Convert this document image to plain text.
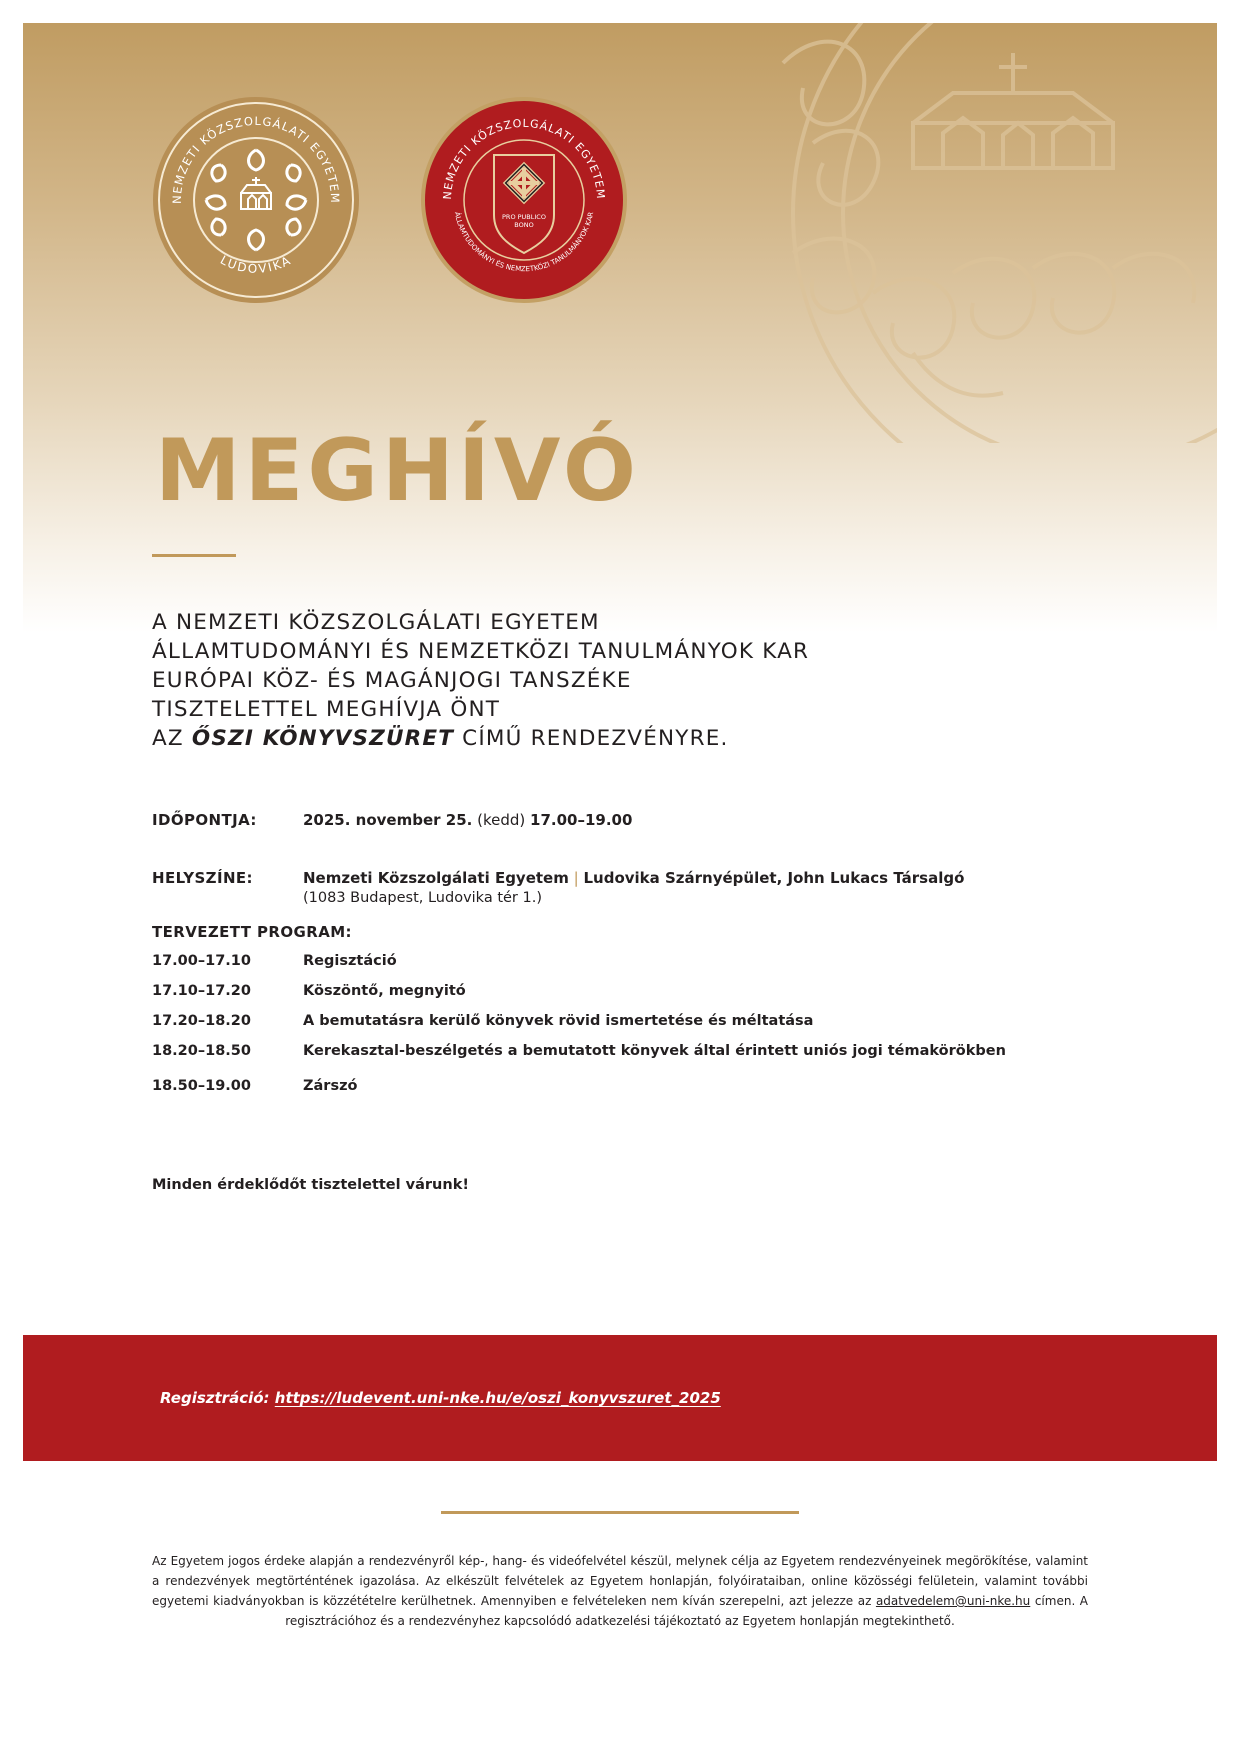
NEMZETI KÖZSZOLGÁLATI EGYETEM
LUDOVIKA
NEMZETI KÖZSZOLGÁLATI EGYETEM
ÁLLAMTUDOMÁNYI ÉS NEMZETKÖZI TANULMÁNYOK KAR
PRO PUBLICO
BONO
MEGHÍVÓ
A NEMZETI KÖZSZOLGÁLATI EGYETEM
ÁLLAMTUDOMÁNYI ÉS NEMZETKÖZI TANULMÁNYOK KAR
EURÓPAI KÖZ- ÉS MAGÁNJOGI TANSZÉKE
TISZTELETTEL MEGHÍVJA ÖNT
AZ ŐSZI KÖNYVSZÜRET CÍMŰ RENDEZVÉNYRE.
IDŐPONTJA:	2025. november 25. (kedd) 17.00–19.00
HELYSZÍNE:	Nemzeti Közszolgálati Egyetem | Ludovika Szárnyépület, John Lukacs Társalgó
(1083 Budapest, Ludovika tér 1.)
TERVEZETT PROGRAM:
17.00–17.10	Regisztáció
17.10–17.20	Köszöntő, megnyitó
17.20–18.20	A bemutatásra kerülő könyvek rövid ismertetése és méltatása
18.20–18.50	Kerekasztal-beszélgetés a bemutatott könyvek által érintett uniós jogi témakörökben
18.50–19.00	Zárszó
Minden érdeklődőt tisztelettel várunk!
Regisztráció: https://ludevent.uni-nke.hu/e/oszi_konyvszuret_2025
Az Egyetem jogos érdeke alapján a rendezvényről kép-, hang- és videófelvétel készül, melynek célja az Egyetem rendezvényeinek megörökítése, valamint a rendezvények megtörténtének igazolása. Az elkészült felvételek az Egyetem honlapján, folyóirataiban, online közösségi felületein, valamint további egyetemi kiadványokban is közzétételre kerülhetnek. Amennyiben e felvételeken nem kíván szerepelni, azt jelezze az adatvedelem@uni-nke.hu címen. A regisztrációhoz és a rendezvényhez kapcsolódó adatkezelési tájékoztató az Egyetem honlapján megtekinthető.
